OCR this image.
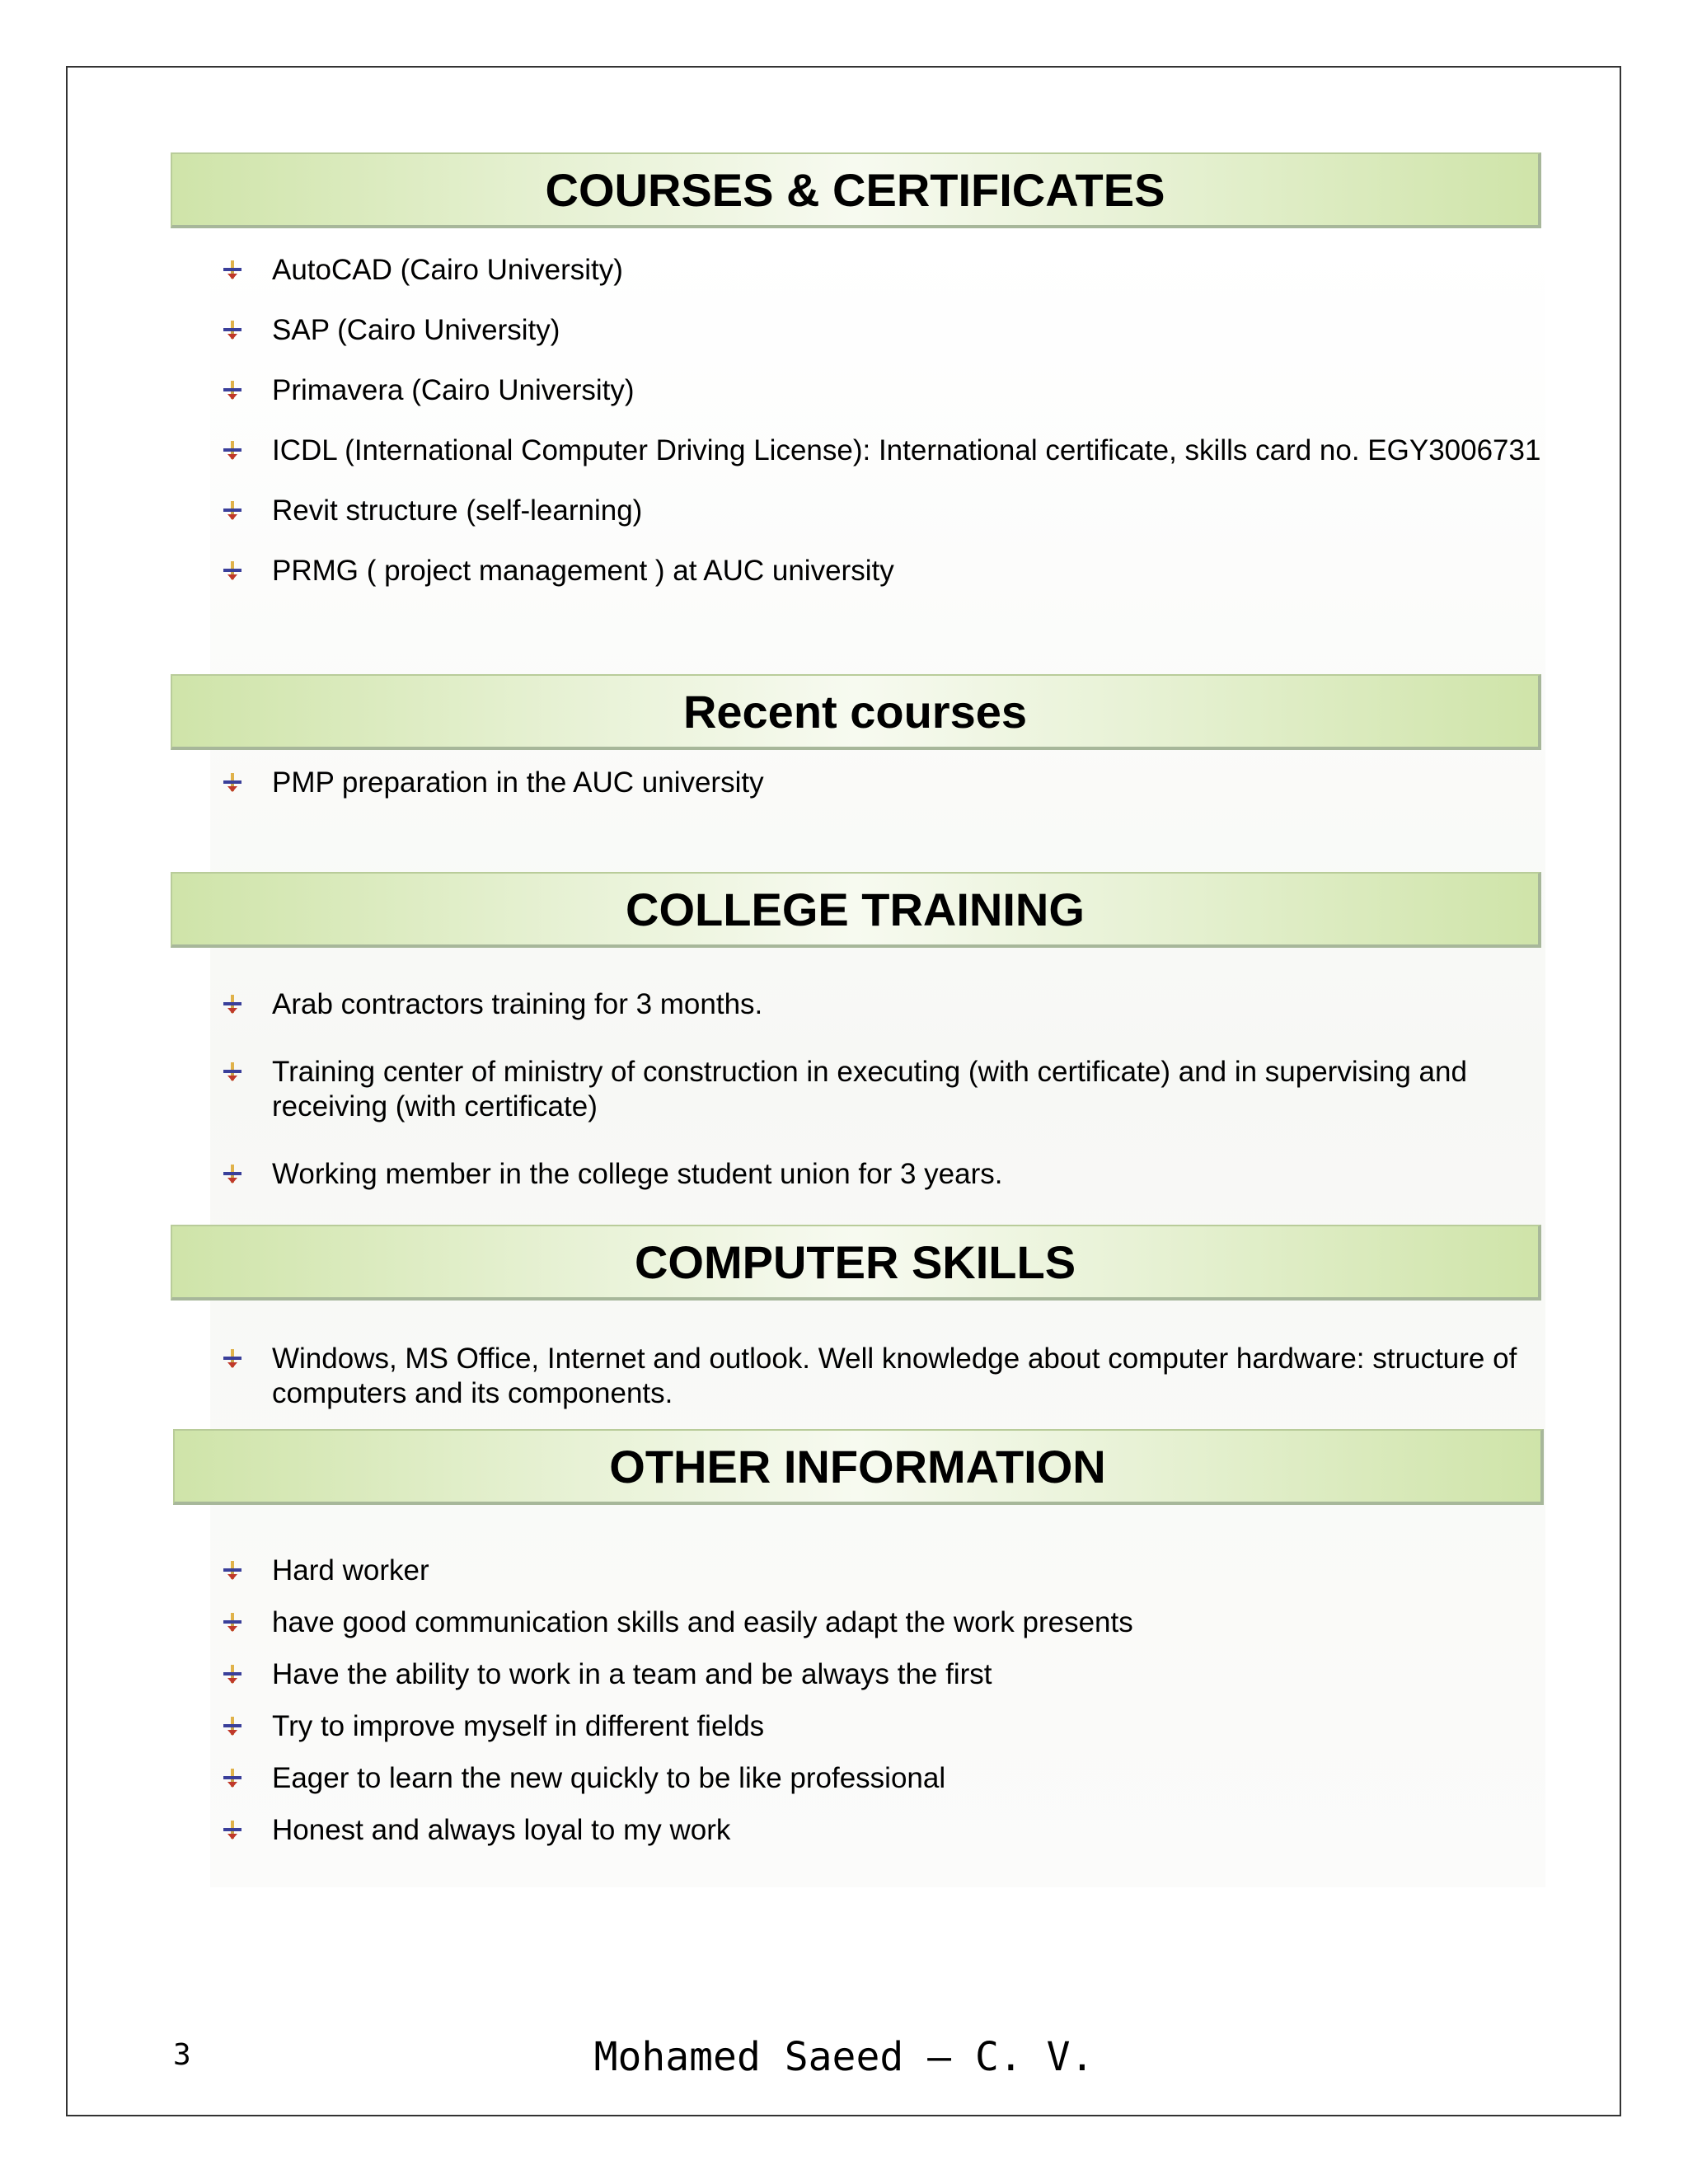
COURSES & CERTIFICATES
AutoCAD (Cairo University)
SAP (Cairo University)
Primavera (Cairo University)
ICDL (International Computer Driving License): International certificate, skills card no. EGY3006731
Revit structure (self-learning)
PRMG ( project management ) at AUC university
Recent courses
PMP preparation in the AUC university
COLLEGE TRAINING
Arab contractors training for 3 months.
Training center of ministry of construction in executing (with certificate) and in supervising and receiving (with certificate)
Working member in the college student union for 3 years.
COMPUTER SKILLS
Windows, MS Office, Internet and outlook. Well knowledge about computer hardware: structure of computers and its components.
OTHER INFORMATION
Hard worker
have good communication skills and easily adapt the work presents
Have the ability to work in a team and be always the first
Try to improve myself in different fields
Eager to learn the new quickly to be like professional
Honest and always loyal to my work
3	Mohamed Saeed – C. V.
